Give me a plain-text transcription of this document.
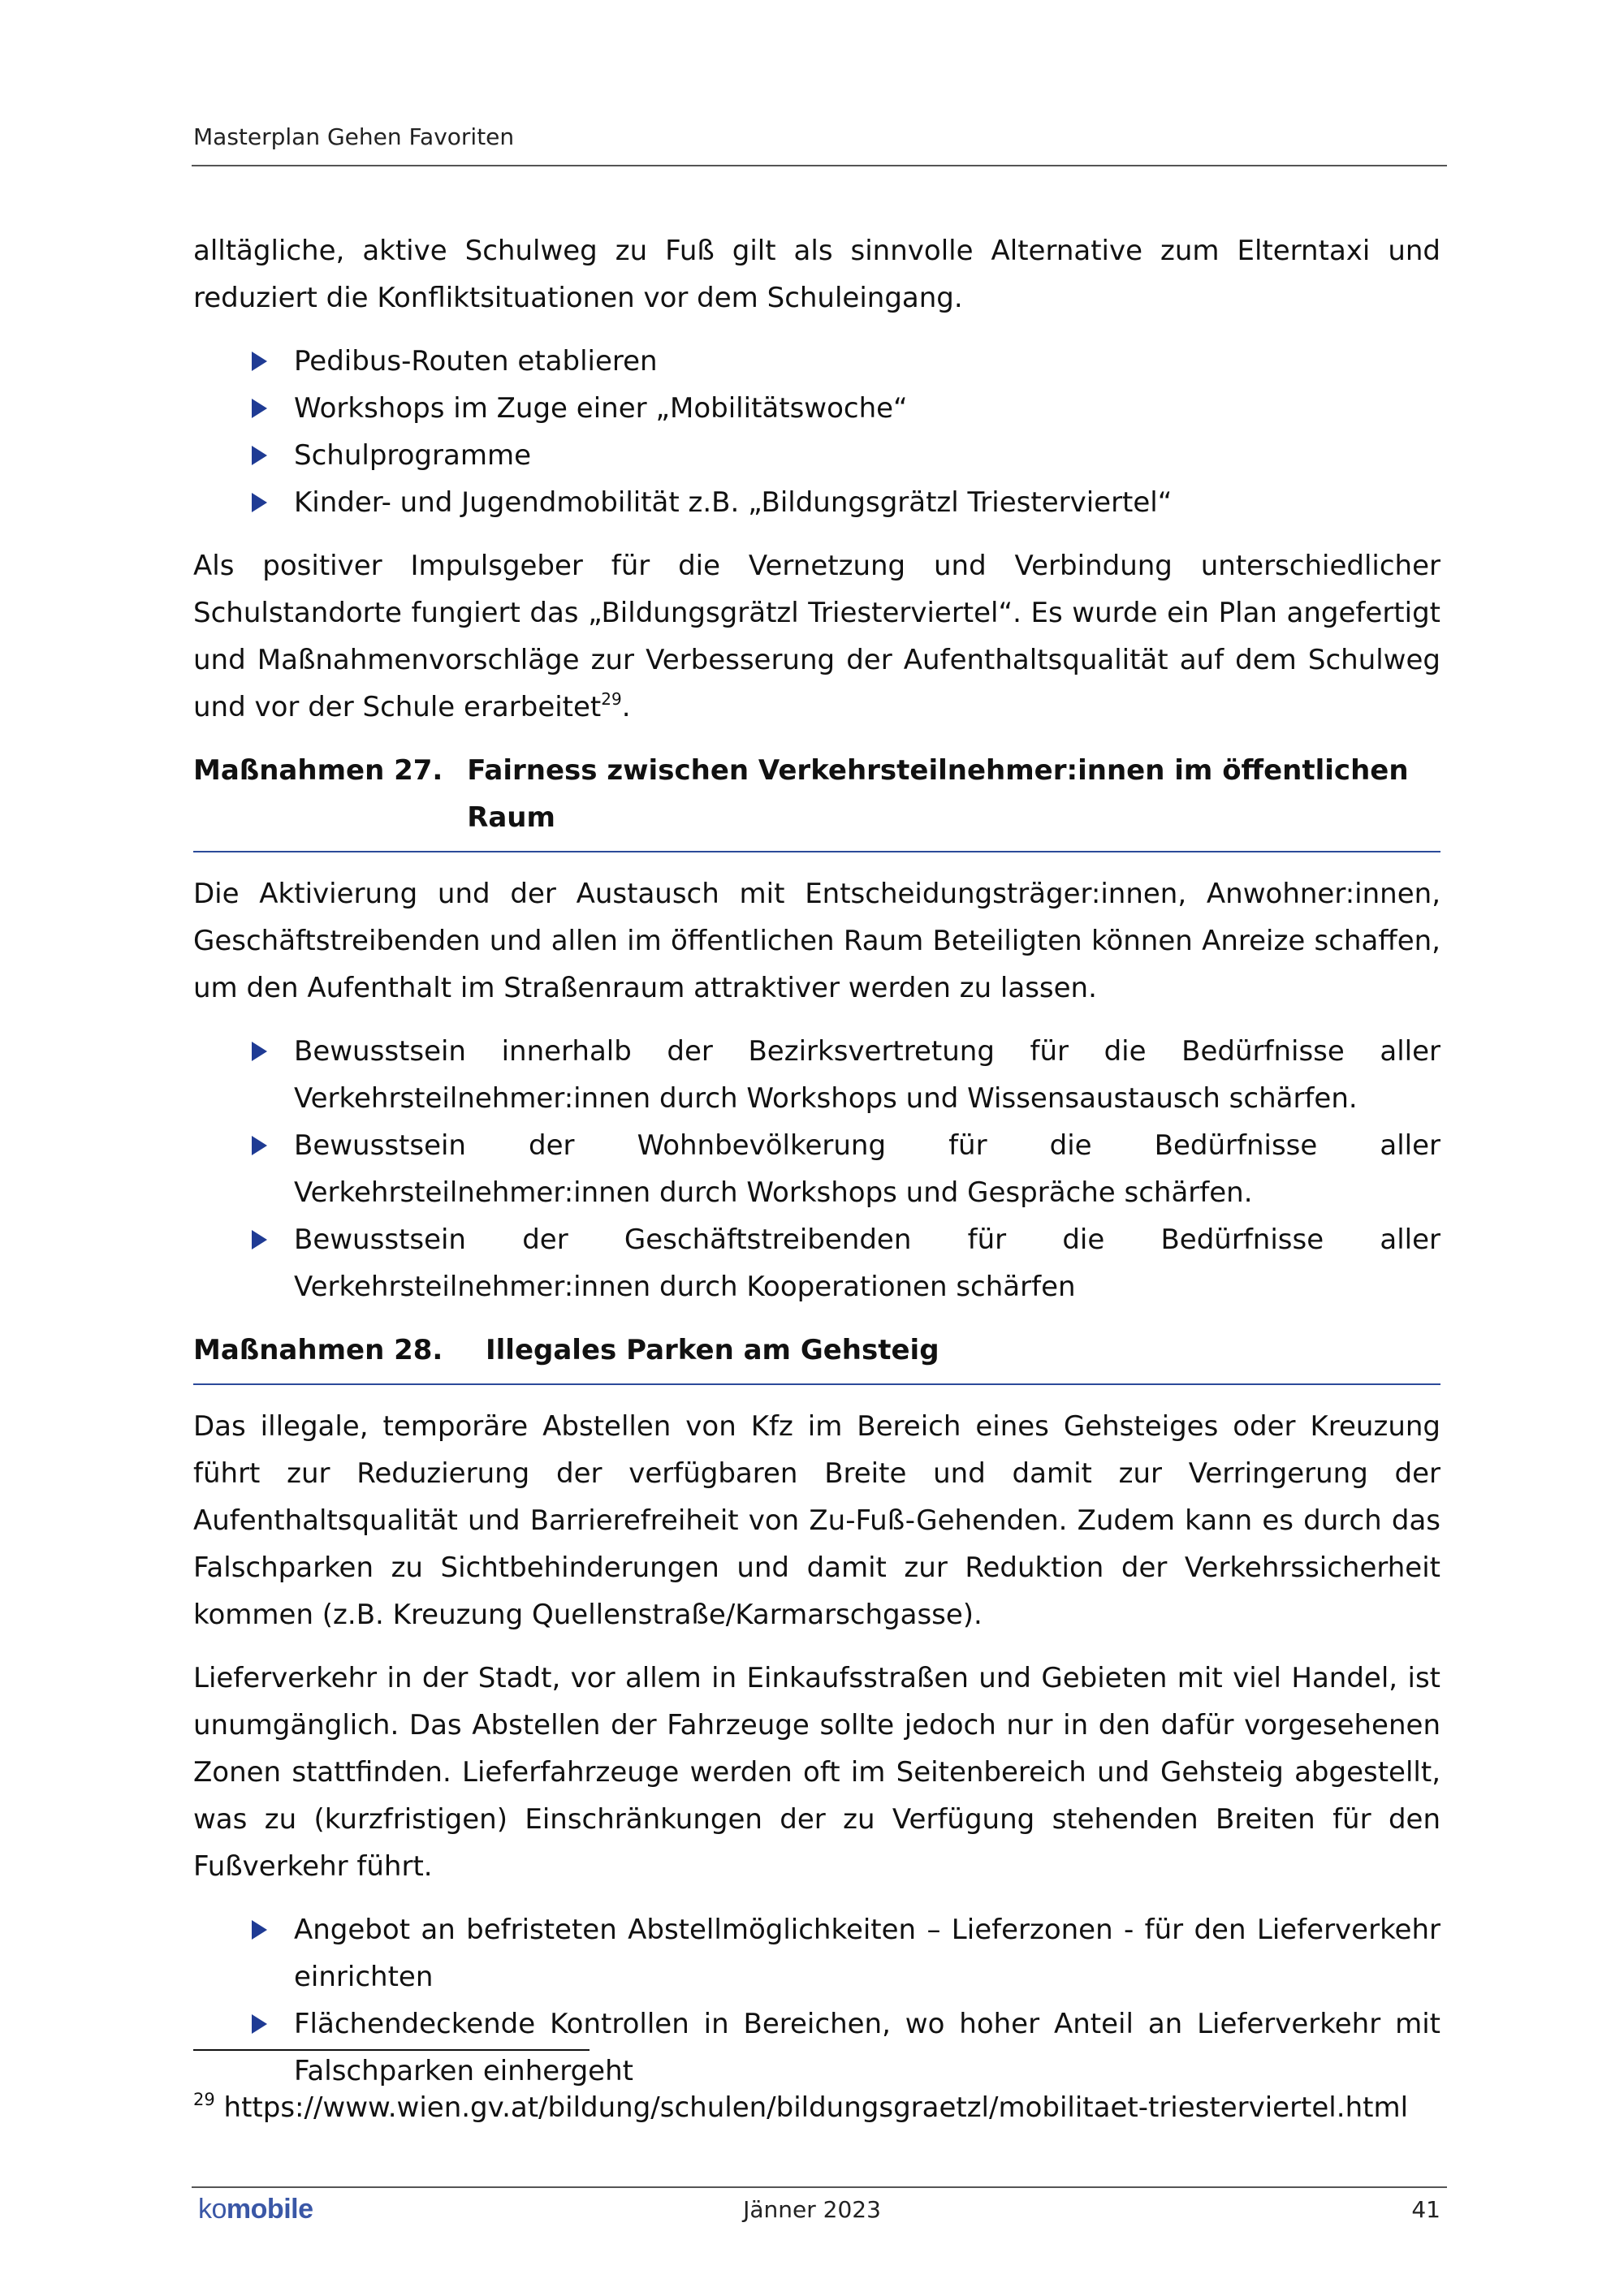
Masterplan Gehen Favoriten

alltägliche, aktive Schulweg zu Fuß gilt als sinnvolle Alternative zum Elterntaxi und reduziert die Konfliktsituationen vor dem Schuleingang.

Pedibus-Routen etablieren
Workshops im Zuge einer „Mobilitätswoche“
Schulprogramme
Kinder- und Jugendmobilität z.B. „Bildungsgrätzl Triesterviertel“

Als positiver Impulsgeber für die Vernetzung und Verbindung unterschiedlicher Schulstandorte fungiert das „Bildungsgrätzl Triesterviertel“. Es wurde ein Plan angefertigt und Maßnahmenvorschläge zur Verbesserung der Aufenthaltsqualität auf dem Schulweg und vor der Schule erarbeitet$^{29}$.

Maßnahmen 27. Fairness zwischen Verkehrsteilnehmer:innen im öffentlichen Raum

Die Aktivierung und der Austausch mit Entscheidungsträger:innen, Anwohner:innen, Geschäftstreibenden und allen im öffentlichen Raum Beteiligten können Anreize schaffen, um den Aufenthalt im Straßenraum attraktiver werden zu lassen.

Bewusstsein innerhalb der Bezirksvertretung für die Bedürfnisse aller Verkehrsteilnehmer:innen durch Workshops und Wissensaustausch schärfen.
Bewusstsein der Wohnbevölkerung für die Bedürfnisse aller Verkehrsteilnehmer:innen durch Workshops und Gespräche schärfen.
Bewusstsein der Geschäftstreibenden für die Bedürfnisse aller Verkehrsteilnehmer:innen durch Kooperationen schärfen
Maßnahmen 28.	Illegales Parken am Gehsteig

Das illegale, temporäre Abstellen von Kfz im Bereich eines Gehsteiges oder Kreuzung führt zur Reduzierung der verfügbaren Breite und damit zur Verringerung der Aufenthaltsqualität und Barrierefreiheit von Zu-Fuß-Gehenden. Zudem kann es durch das Falschparken zu Sichtbehinderungen und damit zur Reduktion der Verkehrssicherheit kommen (z.B. Kreuzung Quellenstraße/Karmarschgasse).

Lieferverkehr in der Stadt, vor allem in Einkaufsstraßen und Gebieten mit viel Handel, ist unumgänglich. Das Abstellen der Fahrzeuge sollte jedoch nur in den dafür vorgesehenen Zonen stattfinden. Lieferfahrzeuge werden oft im Seitenbereich und Gehsteig abgestellt, was zu (kurzfristigen) Einschränkungen der zu Verfügung stehenden Breiten für den Fußverkehr führt.

Angebot an befristeten Abstellmöglichkeiten – Lieferzonen - für den Lieferverkehr einrichten
Flächendeckende Kontrollen in Bereichen, wo hoher Anteil an Lieferverkehr mit Falschparken einhergeht
$^{29}$ https://www.wien.gv.at/bildung/schulen/bildungsgraetzl/mobilitaet-triesterviertel.html
komobile	Jänner 2023	41
